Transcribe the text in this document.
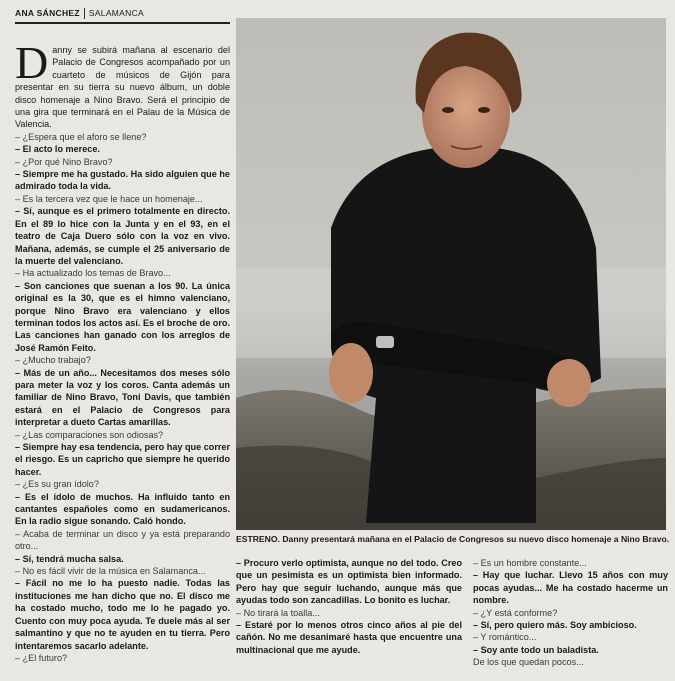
ANA SÁNCHEZ	SALAMANCA

Danny se subirá mañana al escenario del Palacio de Congresos acompañado por un cuarteto de músicos de Gijón para presentar en su tierra su nuevo álbum, un doble disco homenaje a Nino Bravo. Será el principio de una gira que terminará en el Palau de la Música de Valencia.

– ¿Espera que el aforo se llene?

– El acto lo merece.

– ¿Por qué Nino Bravo?

– Siempre me ha gustado. Ha sido alguien que he admirado toda la vida.

– Es la tercera vez que le hace un homenaje...

– Sí, aunque es el primero totalmente en directo. En el 89 lo hice con la Junta y en el 93, en el teatro de Caja Duero sólo con la voz en vivo. Mañana, además, se cumple el 25 aniversario de la muerte del valenciano.

– Ha actualizado los temas de Bravo...

– Son canciones que suenan a los 90. La única original es la 30, que es el himno valenciano, porque Nino Bravo era valenciano y ellos terminan todos los actos así. Es el broche de oro. Las canciones han ganado con los arreglos de José Ramón Feito.

– ¿Mucho trabajo?

– Más de un año... Necesitamos dos meses sólo para meter la voz y los coros. Canta además un familiar de Nino Bravo, Toni Davis, que también estará en el Palacio de Congresos para interpretar a dueto Cartas amarillas.

– ¿Las comparaciones son odiosas?

– Siempre hay esa tendencia, pero hay que correr el riesgo. Es un capricho que siempre he querido hacer.

– ¿Es su gran ídolo?

– Es el ídolo de muchos. Ha influido tanto en cantantes españoles como en sudamericanos. En la radio sigue sonando. Caló hondo.

– Acaba de terminar un disco y ya está preparando otro...

– Sí, tendrá mucha salsa.

– No es fácil vivir de la música en Salamanca...

– Fácil no me lo ha puesto nadie. Todas las instituciones me han dicho que no. El disco me ha costado mucho, todo me lo he pagado yo. Cuento con muy poca ayuda. Te duele más al ser salmantino y que no te ayuden en tu tierra. Pero intentaremos sacarlo adelante.

– ¿El futuro?

ESTRENO. Danny presentará mañana en el Palacio de Congresos su nuevo disco homenaje a Nino Bravo.

– Procuro verlo optimista, aunque no del todo. Creo que un pesimista es un optimista bien informado. Pero hay que seguir luchando, aunque más que ayudas todo son zancadillas. Lo bonito es luchar.

– No tirará la toalla...

– Estaré por lo menos otros cinco años al pie del cañón. No me desanimaré hasta que encuentre una multinacional que me ayude.

– Es un hombre constante...

– Hay que luchar. Llevo 15 años con muy pocas ayudas... Me ha costado hacerme un nombre.

– ¿Y está conforme?

– Sí, pero quiero más. Soy ambicioso.

– Y romántico...

– Soy ante todo un baladista.

De los que quedan pocos...
